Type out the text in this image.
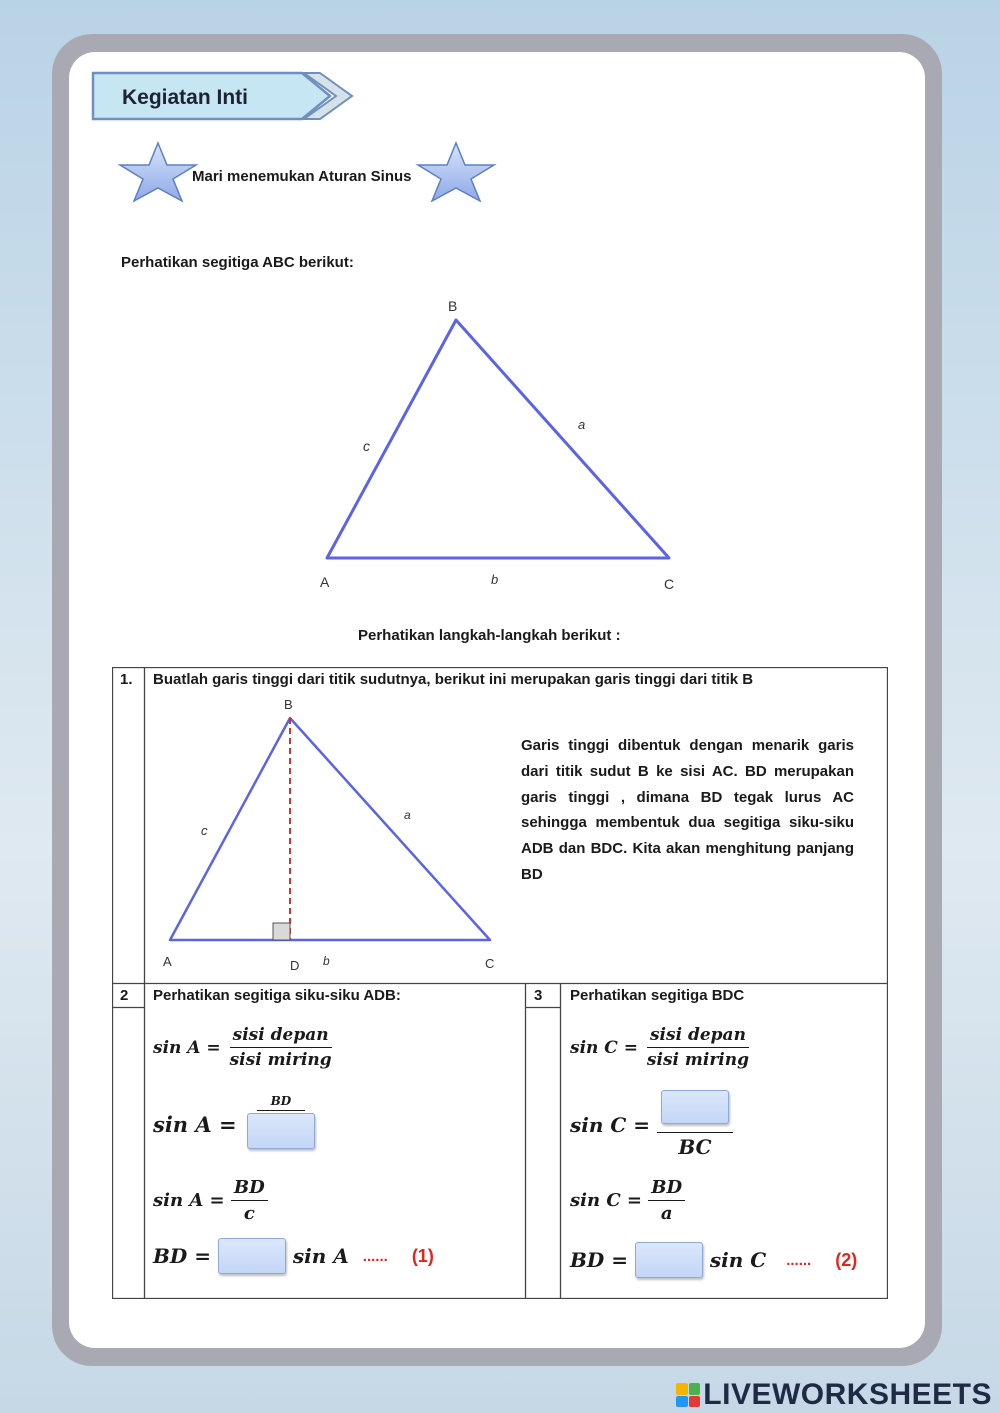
Kegiatan Inti
Mari menemukan Aturan Sinus
Perhatikan segitiga ABC berikut:
B
A	C
a
b
c
Perhatikan langkah-langkah berikut :
1. Buatlah garis tinggi dari titik sudutnya, berikut ini merupakan garis tinggi dari titik B
B
A	C
D
a
b
c
Garis tinggi dibentuk dengan menarik garis dari titik sudut B ke sisi AC. BD merupakan garis tinggi , dimana BD tegak lurus AC sehingga membentuk dua segitiga siku-siku ADB dan BDC. Kita akan menghitung panjang BD
2 Perhatikan segitiga siku-siku ADB:
sin A =
$\frac{\text{sisi depan}}{\text{sisi miring}}$
sin A =

BD
sin A =
$\frac{BD}{c}$
BD =

	sin A ...... (1)
3 Perhatikan segitiga BDC
sin C =
$\frac{\text{sisi depan}}{\text{sisi miring}}$
sin C =

BC
sin C =
$\frac{BD}{a}$
BD =

	sin C ...... (2)
LIVEWORKSHEETS
